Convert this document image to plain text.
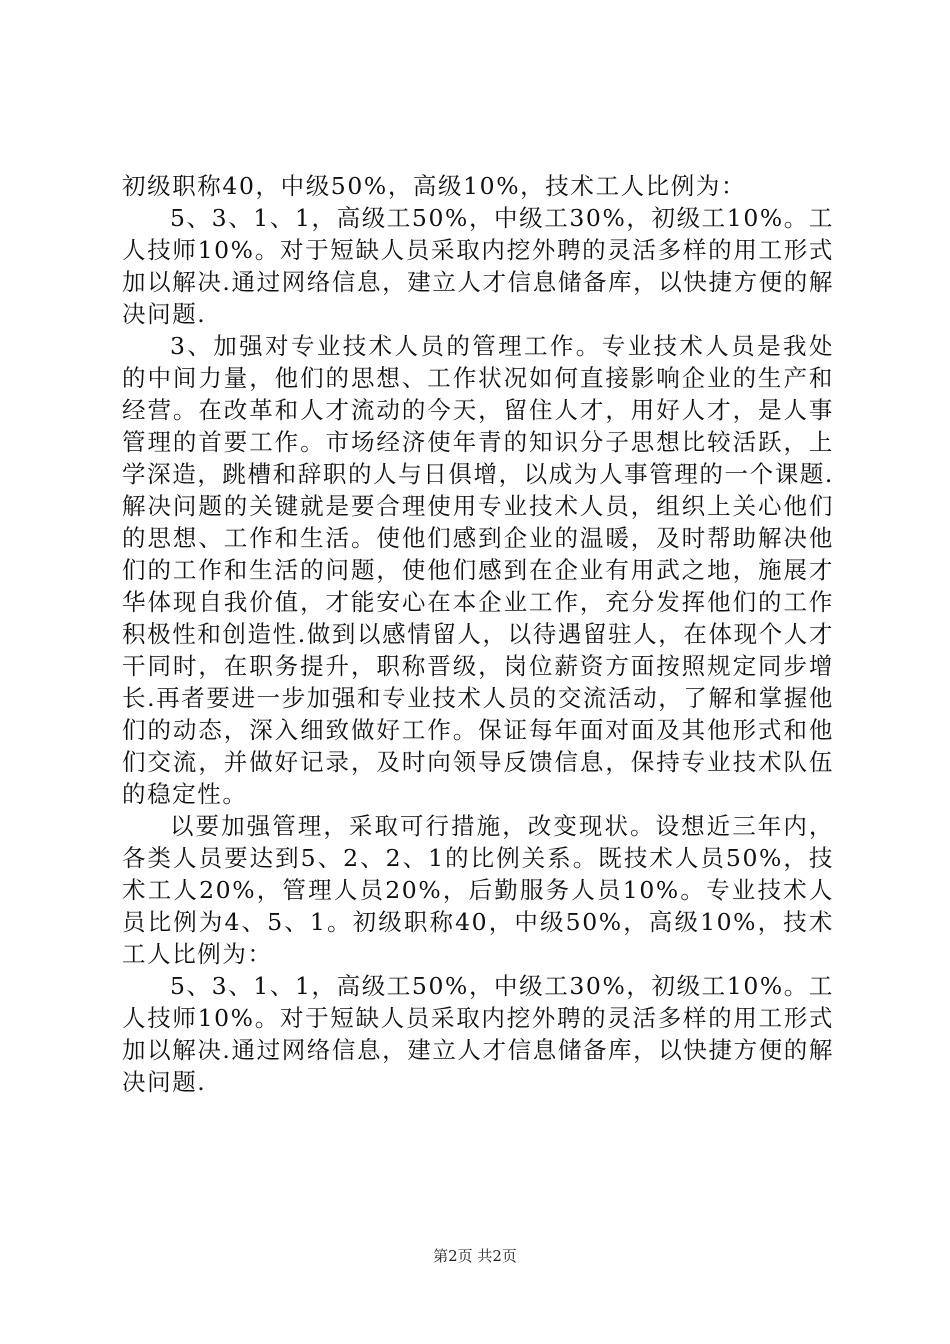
初级职称40，中级50%，高级10%，技术工人比例为：

5、3、1、1，高级工50%，中级工30%，初级工10%。工人技师10%。对于短缺人员采取内挖外聘的灵活多样的用工形式加以解决.通过网络信息，建立人才信息储备库，以快捷方便的解决问题.

3、加强对专业技术人员的管理工作。专业技术人员是我处的中间力量，他们的思想、工作状况如何直接影响企业的生产和经营。在改革和人才流动的今天，留住人才，用好人才，是人事管理的首要工作。市场经济使年青的知识分子思想比较活跃，上学深造，跳槽和辞职的人与日俱增，以成为人事管理的一个课题.解决问题的关键就是要合理使用专业技术人员，组织上关心他们的思想、工作和生活。使他们感到企业的温暖，及时帮助解决他们的工作和生活的问题，使他们感到在企业有用武之地，施展才华体现自我价值，才能安心在本企业工作，充分发挥他们的工作积极性和创造性.做到以感情留人，以待遇留驻人，在体现个人才干同时，在职务提升，职称晋级，岗位薪资方面按照规定同步增长.再者要进一步加强和专业技术人员的交流活动，了解和掌握他们的动态，深入细致做好工作。保证每年面对面及其他形式和他们交流，并做好记录，及时向领导反馈信息，保持专业技术队伍的稳定性。

以要加强管理，采取可行措施，改变现状。设想近三年内，各类人员要达到5、2、2、1的比例关系。既技术人员50%，技术工人20%，管理人员20%，后勤服务人员10%。专业技术人员比例为4、5、1。初级职称40，中级50%，高级10%，技术工人比例为：

5、3、1、1，高级工50%，中级工30%，初级工10%。工人技师10%。对于短缺人员采取内挖外聘的灵活多样的用工形式加以解决.通过网络信息，建立人才信息储备库，以快捷方便的解决问题.

第2页 共2页
